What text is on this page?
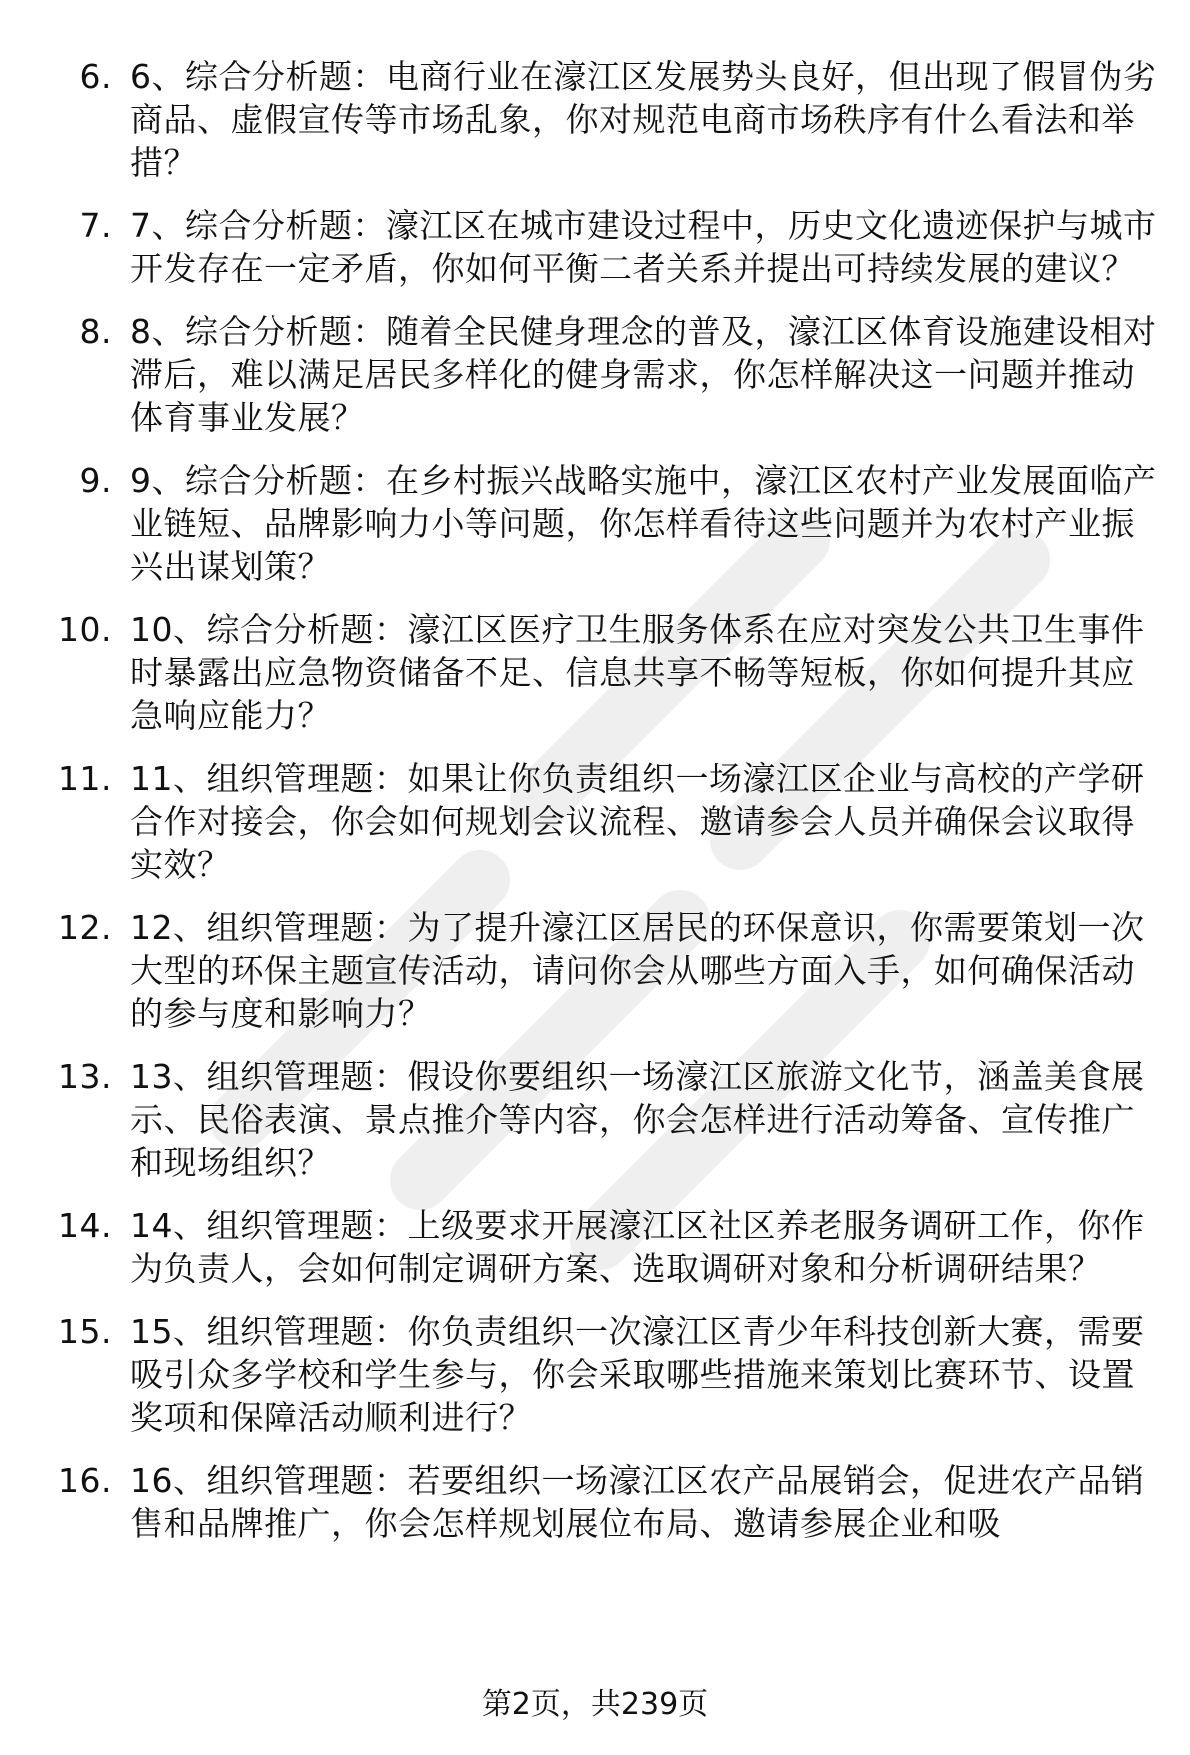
6. 6、综合分析题：电商行业在濠江区发展势头良好，但出现了假冒伪劣商品、虚假宣传等市场乱象，你对规范电商市场秩序有什么看法和举措？
7. 7、综合分析题：濠江区在城市建设过程中，历史文化遗迹保护与城市开发存在一定矛盾，你如何平衡二者关系并提出可持续发展的建议？
8. 8、综合分析题：随着全民健身理念的普及，濠江区体育设施建设相对滞后，难以满足居民多样化的健身需求，你怎样解决这一问题并推动体育事业发展？
9. 9、综合分析题：在乡村振兴战略实施中，濠江区农村产业发展面临产业链短、品牌影响力小等问题，你怎样看待这些问题并为农村产业振兴出谋划策？
10. 10、综合分析题：濠江区医疗卫生服务体系在应对突发公共卫生事件时暴露出应急物资储备不足、信息共享不畅等短板，你如何提升其应急响应能力？
11. 11、组织管理题：如果让你负责组织一场濠江区企业与高校的产学研合作对接会，你会如何规划会议流程、邀请参会人员并确保会议取得实效？
12. 12、组织管理题：为了提升濠江区居民的环保意识，你需要策划一次大型的环保主题宣传活动，请问你会从哪些方面入手，如何确保活动的参与度和影响力？
13. 13、组织管理题：假设你要组织一场濠江区旅游文化节，涵盖美食展示、民俗表演、景点推介等内容，你会怎样进行活动筹备、宣传推广和现场组织？
14. 14、组织管理题：上级要求开展濠江区社区养老服务调研工作，你作为负责人，会如何制定调研方案、选取调研对象和分析调研结果？
15. 15、组织管理题：你负责组织一次濠江区青少年科技创新大赛，需要吸引众多学校和学生参与，你会采取哪些措施来策划比赛环节、设置奖项和保障活动顺利进行？
16. 16、组织管理题：若要组织一场濠江区农产品展销会，促进农产品销售和品牌推广，你会怎样规划展位布局、邀请参展企业和吸
第2页，共239页
